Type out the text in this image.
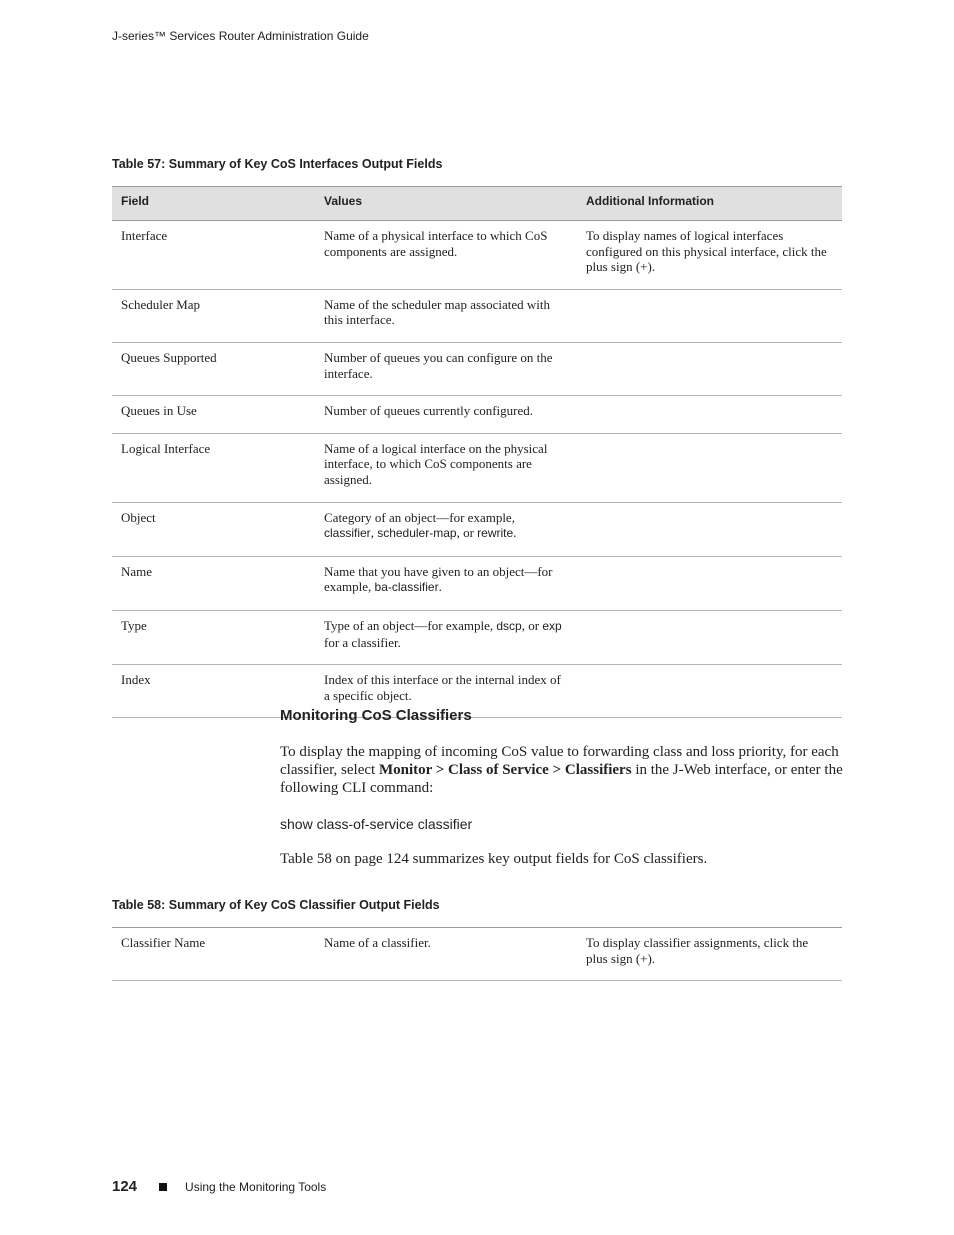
J-series™ Services Router Administration Guide
Table 57: Summary of Key CoS Interfaces Output Fields
Field	Values	Additional Information
Interface	Name of a physical interface to which CoS components are assigned.	To display names of logical interfaces configured on this physical interface, click the plus sign (+).
Scheduler Map	Name of the scheduler map associated with this interface.	
Queues Supported	Number of queues you can configure on the interface.	
Queues in Use	Number of queues currently configured.	
Logical Interface	Name of a logical interface on the physical interface, to which CoS components are assigned.	
Object	Category of an object—for example, classifier, scheduler-map, or rewrite.	
Name	Name that you have given to an object—for example, ba-classifier.	
Type	Type of an object—for example, dscp, or exp for a classifier.	
Index	Index of this interface or the internal index of a specific object.	
Monitoring CoS Classifiers

To display the mapping of incoming CoS value to forwarding class and loss priority, for each classifier, select Monitor > Class of Service > Classifiers in the J-Web interface, or enter the following CLI command:

show class-of-service classifier

Table 58 on page 124 summarizes key output fields for CoS classifiers.

Table 58: Summary of Key CoS Classifier Output Fields
Classifier Name	Name of a classifier.	To display classifier assignments, click the plus sign (+).
124	Using the Monitoring Tools
